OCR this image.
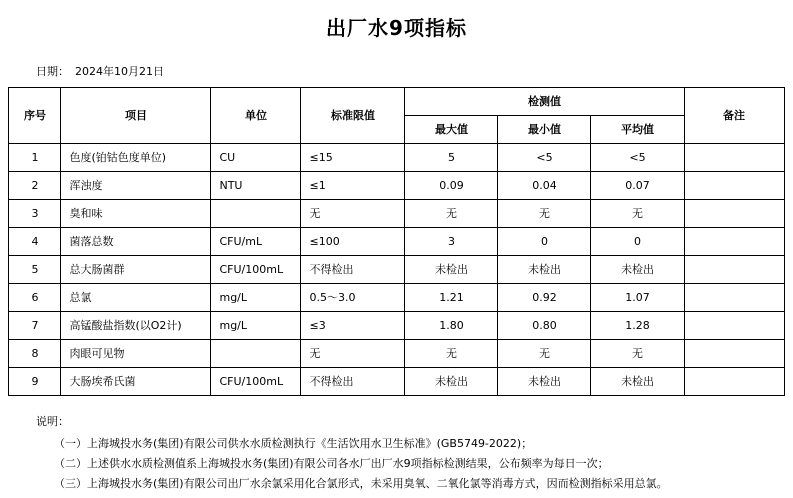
出厂水9项指标
日期： 2024年10月21日
序号	项目	单位	标准限值	检测值			备注
				最大值	最小值	平均值	
1	色度(铂钴色度单位)	CU	≤15	5	<5	<5	
2	浑浊度	NTU	≤1	0.09	0.04	0.07	
3	臭和味		无	无	无	无	
4	菌落总数	CFU/mL	≤100	3	0	0	
5	总大肠菌群	CFU/100mL	不得检出	未检出	未检出	未检出	
6	总氯	mg/L	0.5～3.0	1.21	0.92	1.07	
7	高锰酸盐指数(以O2计)	mg/L	≤3	1.80	0.80	1.28	
8	肉眼可见物		无	无	无	无	
9	大肠埃希氏菌	CFU/100mL	不得检出	未检出	未检出	未检出	
说明：
（一）上海城投水务(集团)有限公司供水水质检测执行《生活饮用水卫生标准》(GB5749-2022)；
（二）上述供水水质检测值系上海城投水务(集团)有限公司各水厂出厂水9项指标检测结果，公布频率为每日一次；
（三）上海城投水务(集团)有限公司出厂水余氯采用化合氯形式，未采用臭氧、二氧化氯等消毒方式，因而检测指标采用总氯。
